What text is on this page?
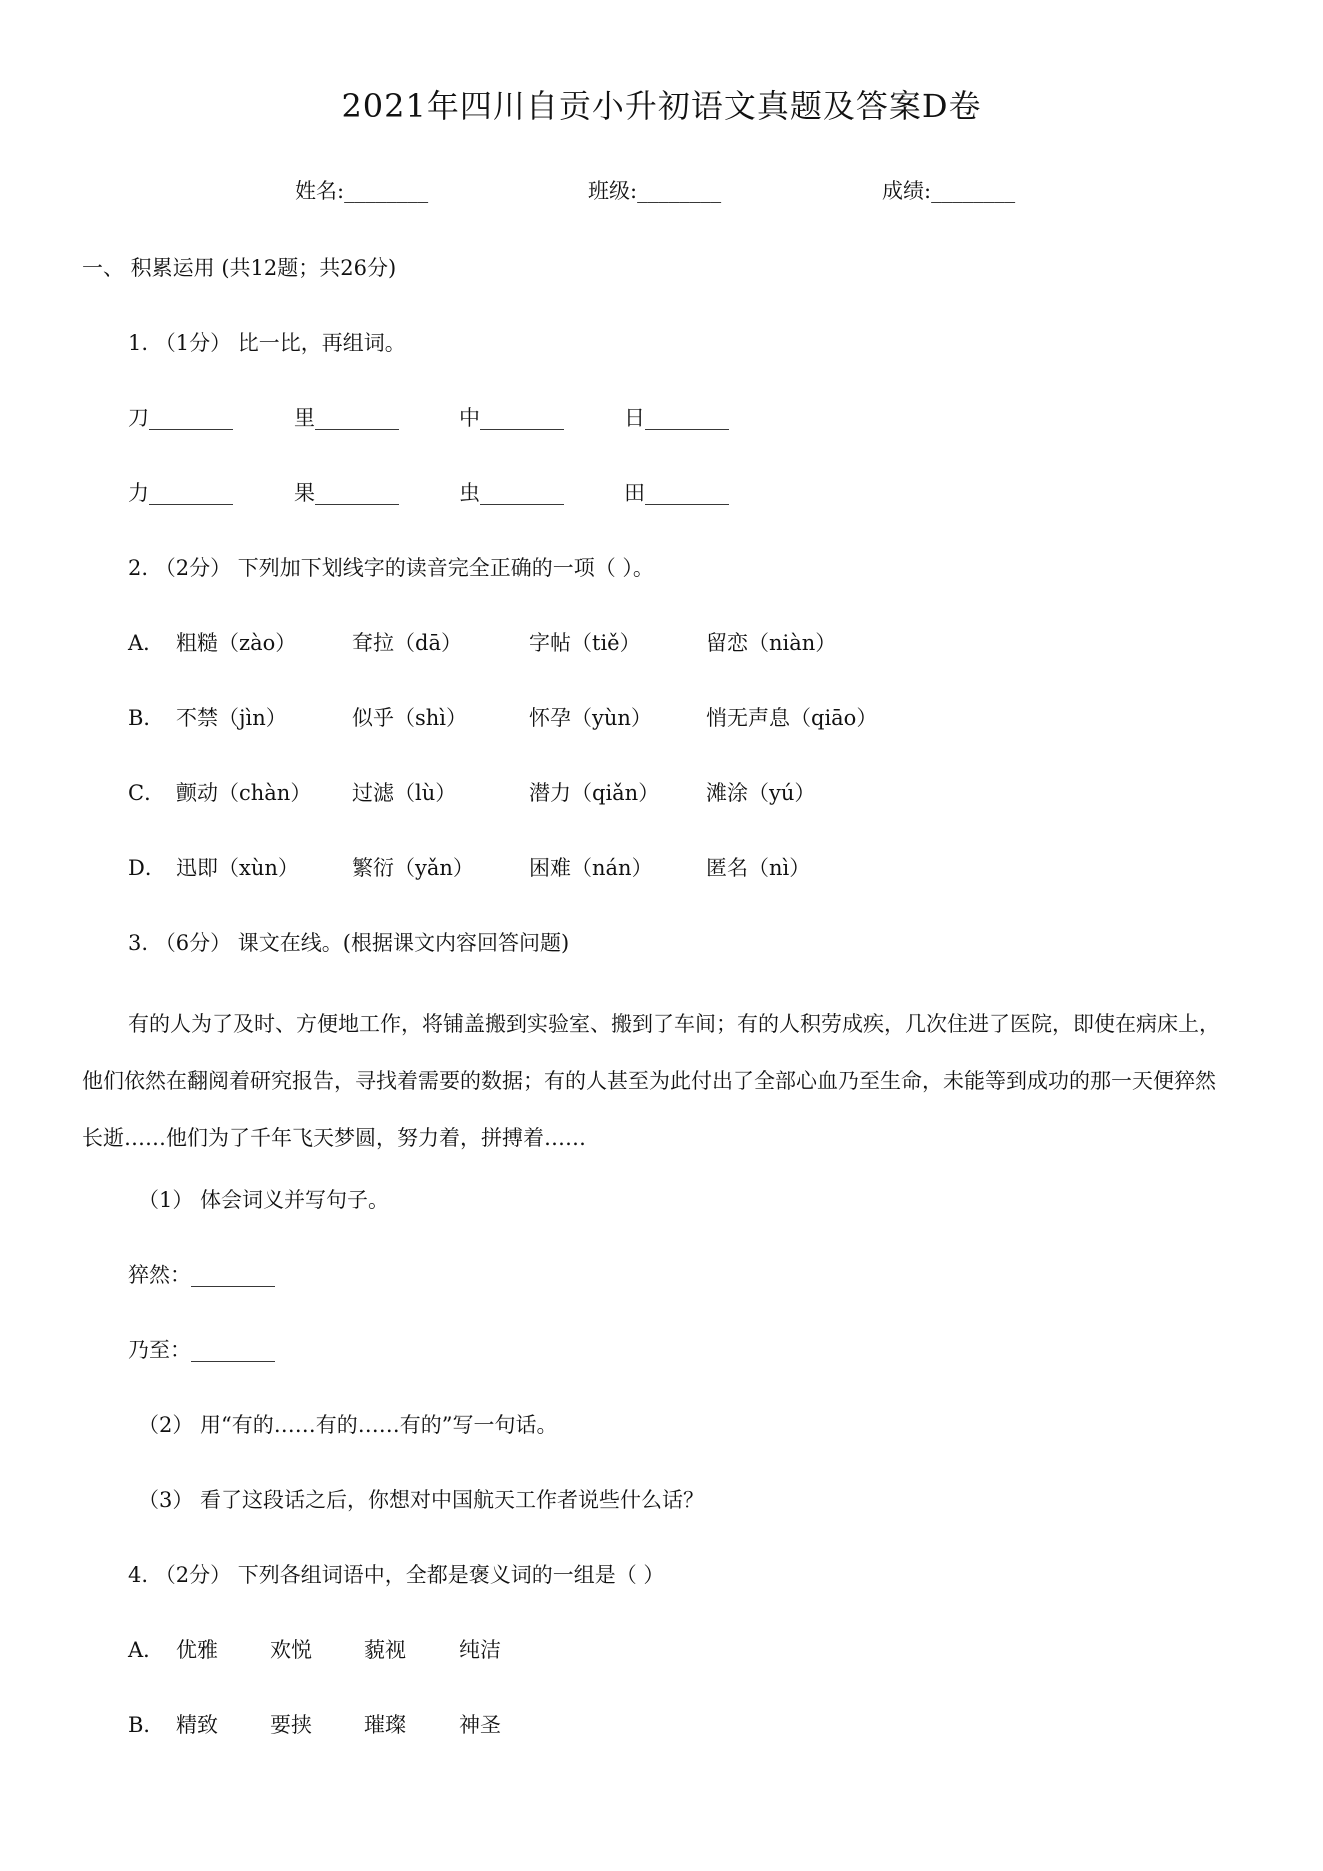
2021年四川自贡小升初语文真题及答案D卷
姓名:________	班级:________	成绩:________
一、 积累运用 (共12题；共26分)
1. （1分） 比一比，再组词。
刀________	里________	中________	日________
力________	果________	虫________	田________
2. （2分） 下列加下划线字的读音完全正确的一项（ ）。
A． 粗糙（zào）	耷拉（dā）	字帖（tiě）	留恋（niàn）
B． 不禁（jìn）	似乎（shì）	怀孕（yùn）	悄无声息（qiāo）
C． 颤动（chàn） 过滤（lù）	潜力（qiǎn） 滩涂（yú）
D． 迅即（xùn）	繁衍（yǎn）	困难（nán）	匿名（nì）
3. （6分） 课文在线。(根据课文内容回答问题)
有的人为了及时、方便地工作，将铺盖搬到实验室、搬到了车间；有的人积劳成疾，几次住进了医院，即使在病床上，他们依然在翻阅着研究报告，寻找着需要的数据；有的人甚至为此付出了全部心血乃至生命，未能等到成功的那一天便猝然长逝……他们为了千年飞天梦圆，努力着，拼搏着……
（1） 体会词义并写句子。
猝然：________
乃至：________
（2） 用“有的……有的……有的”写一句话。
（3） 看了这段话之后，你想对中国航天工作者说些什么话？
4. （2分） 下列各组词语中，全都是褒义词的一组是（ ）
A． 优雅 欢悦 藐视	纯洁
B． 精致 要挟 璀璨	神圣
